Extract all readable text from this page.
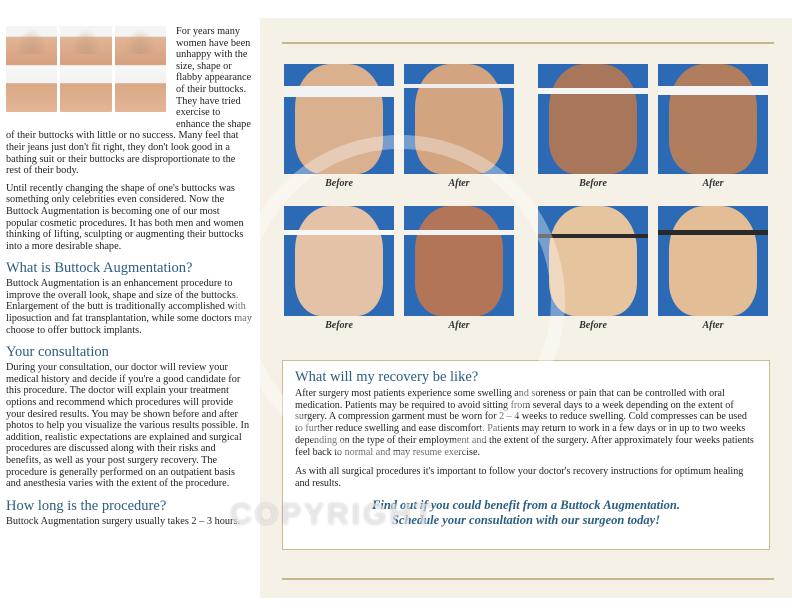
For years many women have been unhappy with the size, shape or flabby appearance of their buttocks. They have tried exercise to enhance the shape of their buttocks with little or no success. Many feel that their jeans just don't fit right, they don't look good in a bathing suit or their buttocks are disproportionate to the rest of their body.

Until recently changing the shape of one's buttocks was something only celebrities even considered. Now the Buttock Augmentation is becoming one of our most popular cosmetic procedures. It has both men and women thinking of lifting, sculpting or augmenting their buttocks into a more desirable shape.

What is Buttock Augmentation?

Buttock Augmentation is an enhancement procedure to improve the overall look, shape and size of the buttocks. Enlargement of the butt is traditionally accomplished with liposuction and fat transplantation, while some doctors may choose to offer buttock implants.

Your consultation

During your consultation, our doctor will review your medical history and decide if you're a good candidate for this procedure. The doctor will explain your treatment options and recommend which procedures will provide your desired results. You may be shown before and after photos to help you visualize the various results possible. In addition, realistic expectations are explained and surgical procedures are discussed along with their risks and benefits, as well as your post surgery recovery. The procedure is generally performed on an outpatient basis and anesthesia varies with the extent of the procedure.

How long is the procedure?

Buttock Augmentation surgery usually takes 2 – 3 hours.

Before	After	Before	After
Before	After	Before	After
What will my recovery be like?

After surgery most patients experience some swelling and soreness or pain that can be controlled with oral medication. Patients may be required to avoid sitting from several days to a week depending on the extent of surgery. A compression garment must be worn for 2 – 4 weeks to reduce swelling. Cold compresses can be used to further reduce swelling and ease discomfort. Patients may return to work in a few days or in up to two weeks depending on the type of their employment and the extent of the surgery. After approximately four weeks patients feel back to normal and may resume exercise.

As with all surgical procedures it's important to follow your doctor's recovery instructions for optimum healing and results.

Find out if you could benefit from a Buttock Augmentation.
Schedule your consultation with our surgeon today!
COPYRIGHT
